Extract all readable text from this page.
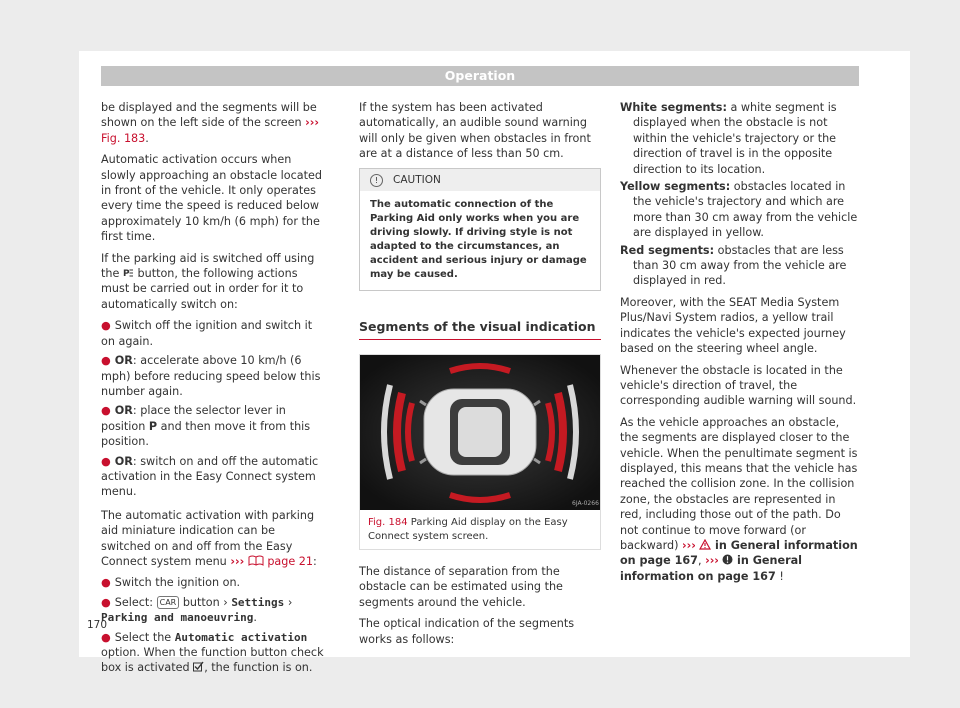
Operation

be displayed and the segments will be shown on the left side of the screen ››› Fig. 183.

Automatic activation occurs when slowly approaching an obstacle located in front of the vehicle. It only operates every time the speed is reduced below approximately 10 km/h (6 mph) for the first time.

If the parking aid is switched off using the P button, the following actions must be carried out in order for it to automatically switch on:

● Switch off the ignition and switch it on again.
● OR: accelerate above 10 km/h (6 mph) before reducing speed below this number again.
● OR: place the selector lever in position P and then move it from this position.
● OR: switch on and off the automatic activation in the Easy Connect system menu.

The automatic activation with parking aid miniature indication can be switched on and off from the Easy Connect system menu ››› page 21:

● Switch the ignition on.
● Select: CAR button › Settings › Parking and manoeuvring.
● Select the Automatic activation option. When the function button check box is activated , the function is on.

If the system has been activated automatically, an audible sound warning will only be given when obstacles in front are at a distance of less than 50 cm.

! CAUTION
The automatic connection of the Parking Aid only works when you are driving slowly. If driving style is not adapted to the circumstances, an accident and serious injury or damage may be caused.
Segments of the visual indication
6JA-0266
Fig. 184 Parking Aid display on the Easy Connect system screen.

The distance of separation from the obstacle can be estimated using the segments around the vehicle.

The optical indication of the segments works as follows:

White segments: a white segment is displayed when the obstacle is not within the vehicle's trajectory or the direction of travel is in the opposite direction to its location.

Yellow segments: obstacles located in the vehicle's trajectory and which are more than 30 cm away from the vehicle are displayed in yellow.

Red segments: obstacles that are less than 30 cm away from the vehicle are displayed in red.

Moreover, with the SEAT Media System Plus/Navi System radios, a yellow trail indicates the vehicle's expected journey based on the steering wheel angle.

Whenever the obstacle is located in the vehicle's direction of travel, the corresponding audible warning will sound.

As the vehicle approaches an obstacle, the segments are displayed closer to the vehicle. When the penultimate segment is displayed, this means that the vehicle has reached the collision zone. In the collision zone, the obstacles are represented in red, including those out of the path. Do not continue to move forward (or backward) ››› in General information on page 167, ››› in General information on page 167 !

170
